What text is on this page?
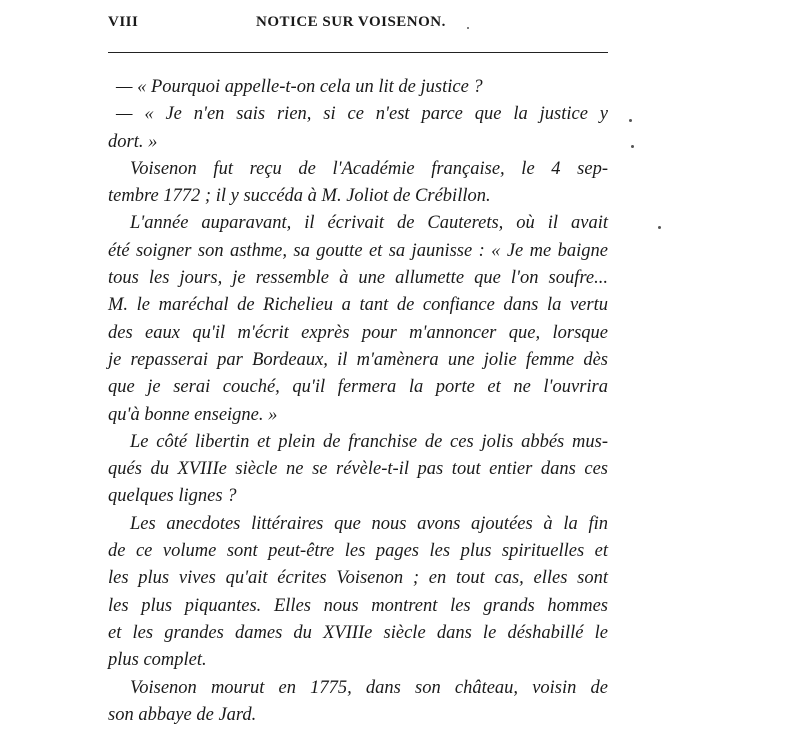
VIII	NOTICE SUR VOISENON.
— « Pourquoi appelle-t-on cela un lit de justice ?
— « Je n'en sais rien, si ce n'est parce que la justice y
dort. »
Voisenon fut reçu de l'Académie française, le 4 sep-
tembre 1772 ; il y succéda à M. Joliot de Crébillon.
L'année auparavant, il écrivait de Cauterets, où il avait
été soigner son asthme, sa goutte et sa jaunisse : « Je me baigne
tous les jours, je ressemble à une allumette que l'on soufre...
M. le maréchal de Richelieu a tant de confiance dans la vertu
des eaux qu'il m'écrit exprès pour m'annoncer que, lorsque
je repasserai par Bordeaux, il m'amènera une jolie femme dès
que je serai couché, qu'il fermera la porte et ne l'ouvrira
qu'à bonne enseigne. »
Le côté libertin et plein de franchise de ces jolis abbés mus-
qués du XVIIIe siècle ne se révèle-t-il pas tout entier dans ces
quelques lignes ?
Les anecdotes littéraires que nous avons ajoutées à la fin
de ce volume sont peut-être les pages les plus spirituelles et
les plus vives qu'ait écrites Voisenon ; en tout cas, elles sont
les plus piquantes. Elles nous montrent les grands hommes
et les grandes dames du XVIIIe siècle dans le déshabillé le
plus complet.
Voisenon mourut en 1775, dans son château, voisin de
son abbaye de Jard.
